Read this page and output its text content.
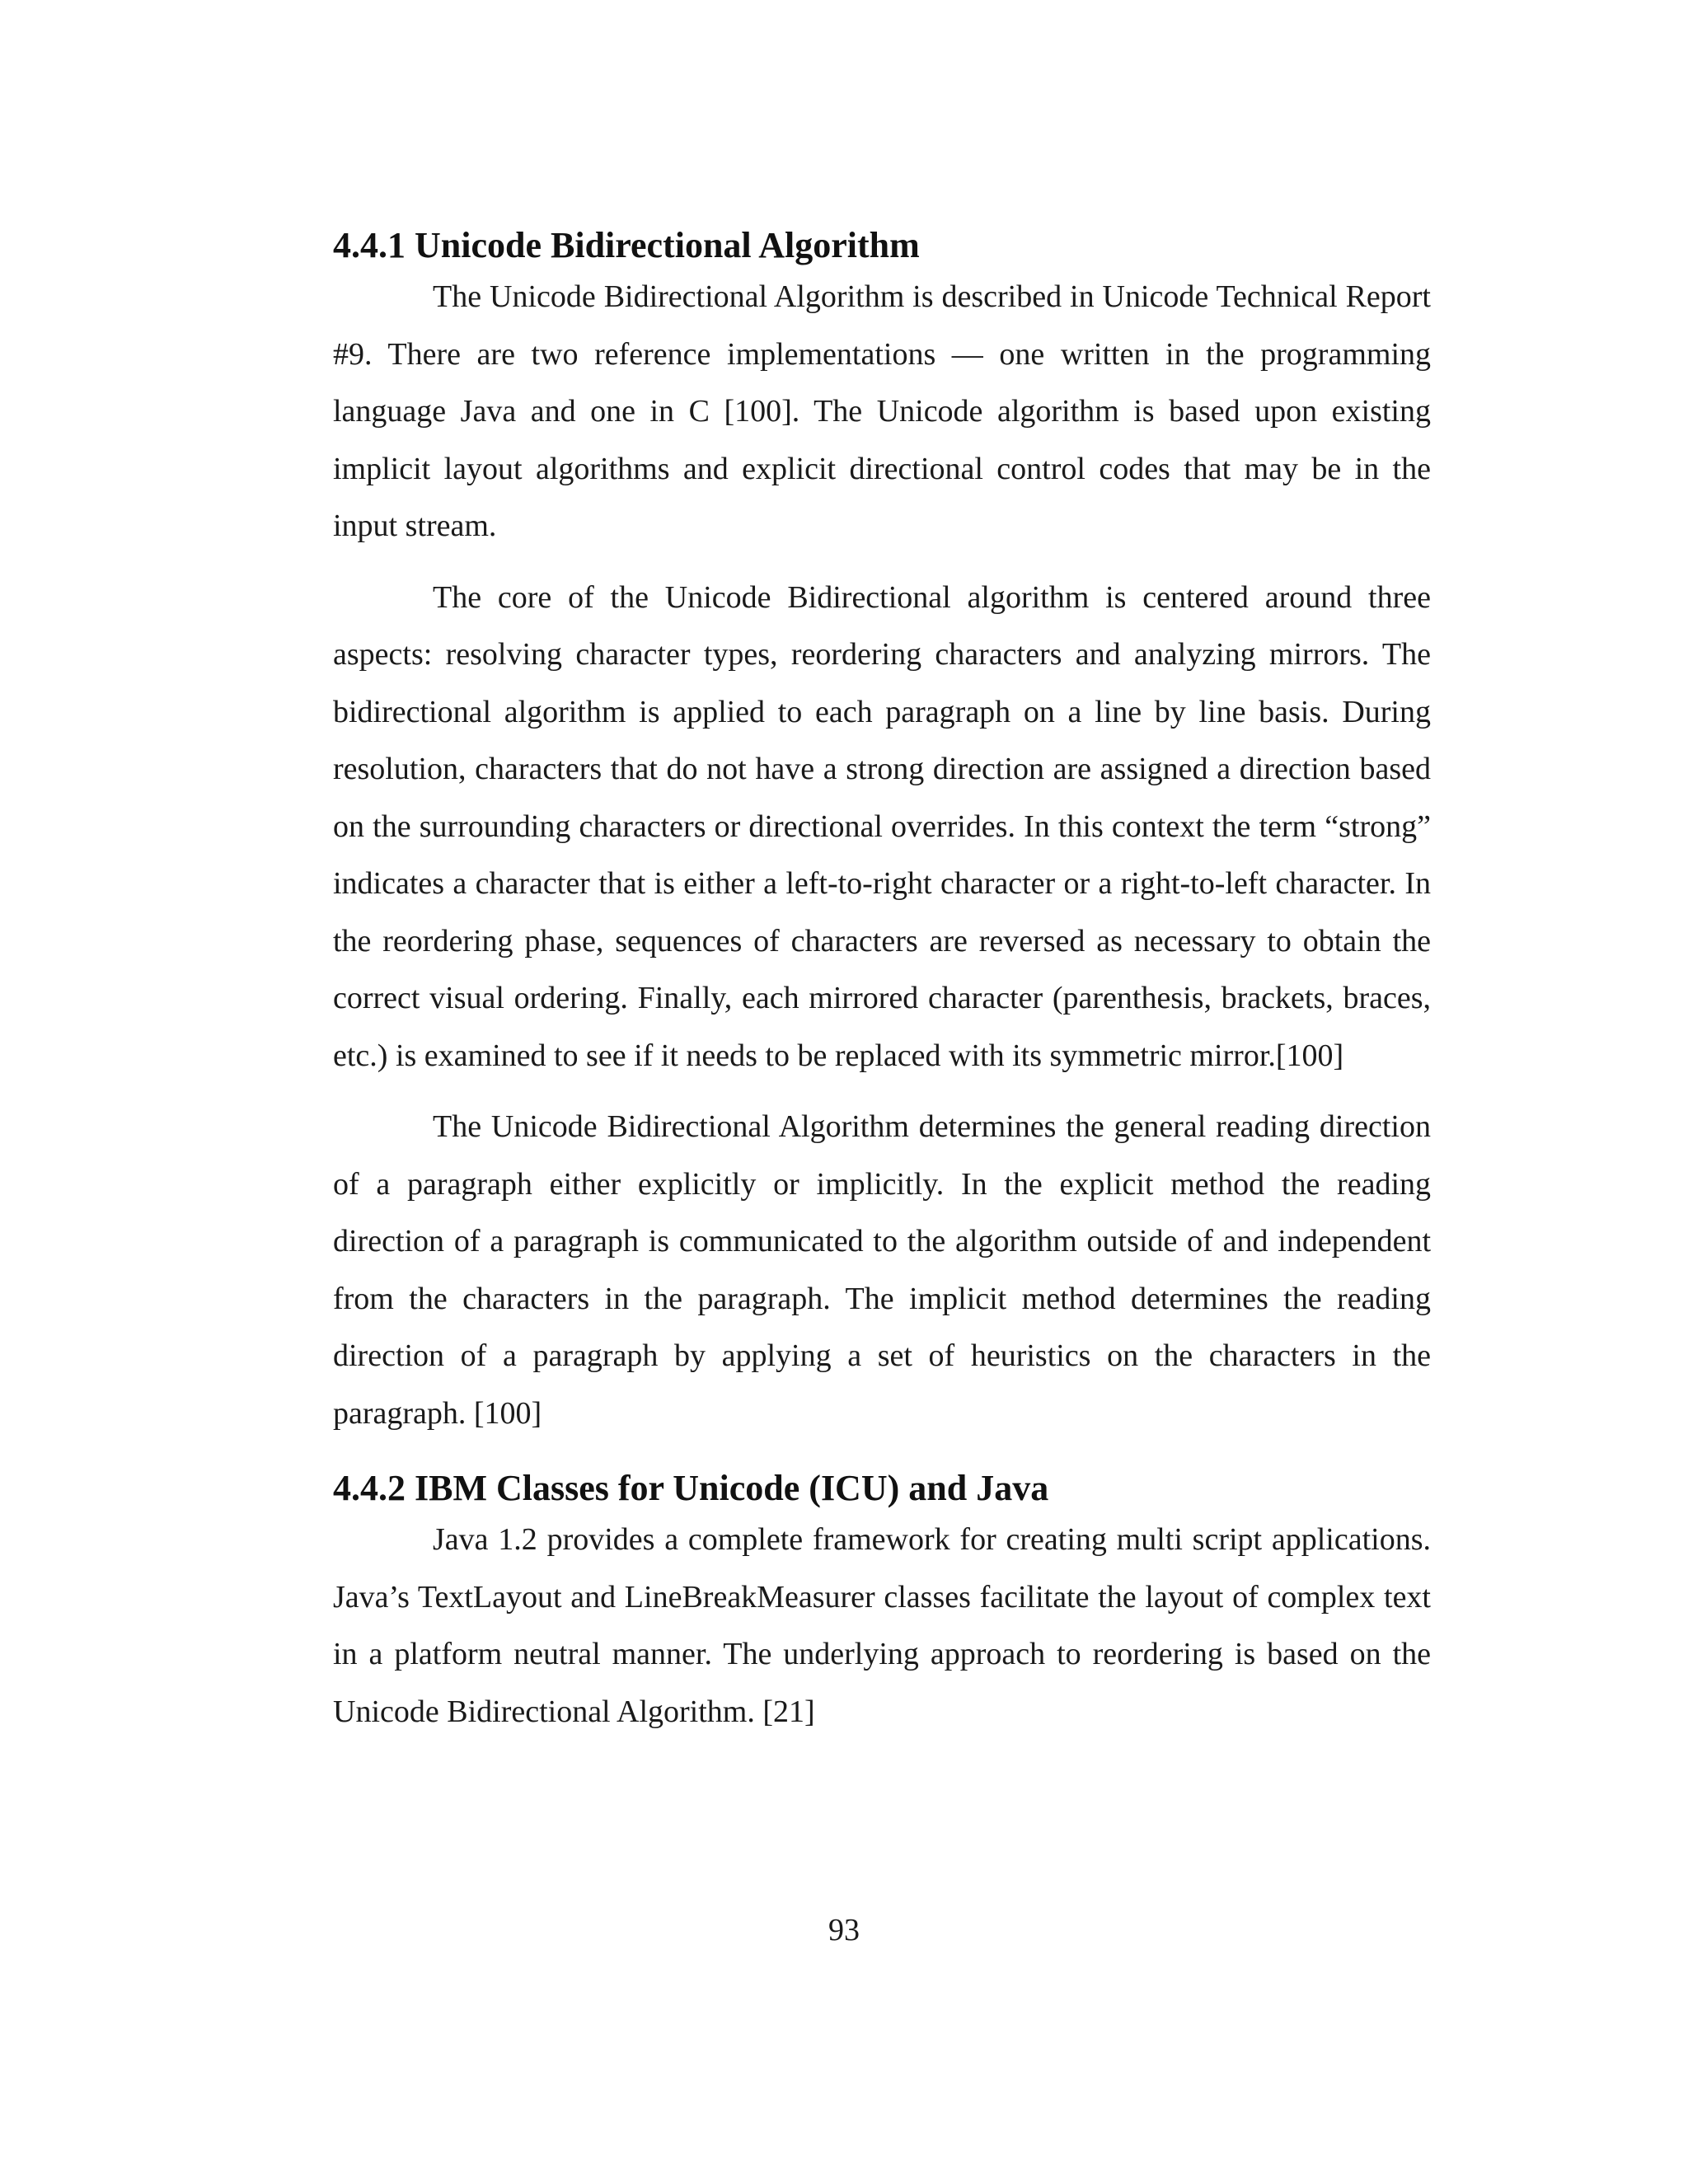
4.4.1 Unicode Bidirectional Algorithm

The Unicode Bidirectional Algorithm is described in Unicode Technical Report #9. There are two reference implementations — one written in the programming language Java and one in C [100]. The Unicode algorithm is based upon existing implicit layout algorithms and explicit directional control codes that may be in the input stream.

The core of the Unicode Bidirectional algorithm is centered around three aspects: resolving character types, reordering characters and analyzing mirrors. The bidirectional algorithm is applied to each paragraph on a line by line basis. During resolution, characters that do not have a strong direction are assigned a direction based on the surrounding characters or directional overrides. In this context the term “strong” indicates a character that is either a left-to-right character or a right-to-left character. In the reordering phase, sequences of characters are reversed as necessary to obtain the correct visual ordering. Finally, each mirrored character (parenthesis, brackets, braces, etc.) is examined to see if it needs to be replaced with its symmetric mirror.[100]

The Unicode Bidirectional Algorithm determines the general reading direction of a paragraph either explicitly or implicitly. In the explicit method the reading direction of a paragraph is communicated to the algorithm outside of and independent from the characters in the paragraph. The implicit method determines the reading direction of a paragraph by applying a set of heuristics on the characters in the paragraph. [100]

4.4.2 IBM Classes for Unicode (ICU) and Java

Java 1.2 provides a complete framework for creating multi script applications. Java’s TextLayout and LineBreakMeasurer classes facilitate the layout of complex text in a platform neutral manner. The underlying approach to reordering is based on the Unicode Bidirectional Algorithm. [21]

93
